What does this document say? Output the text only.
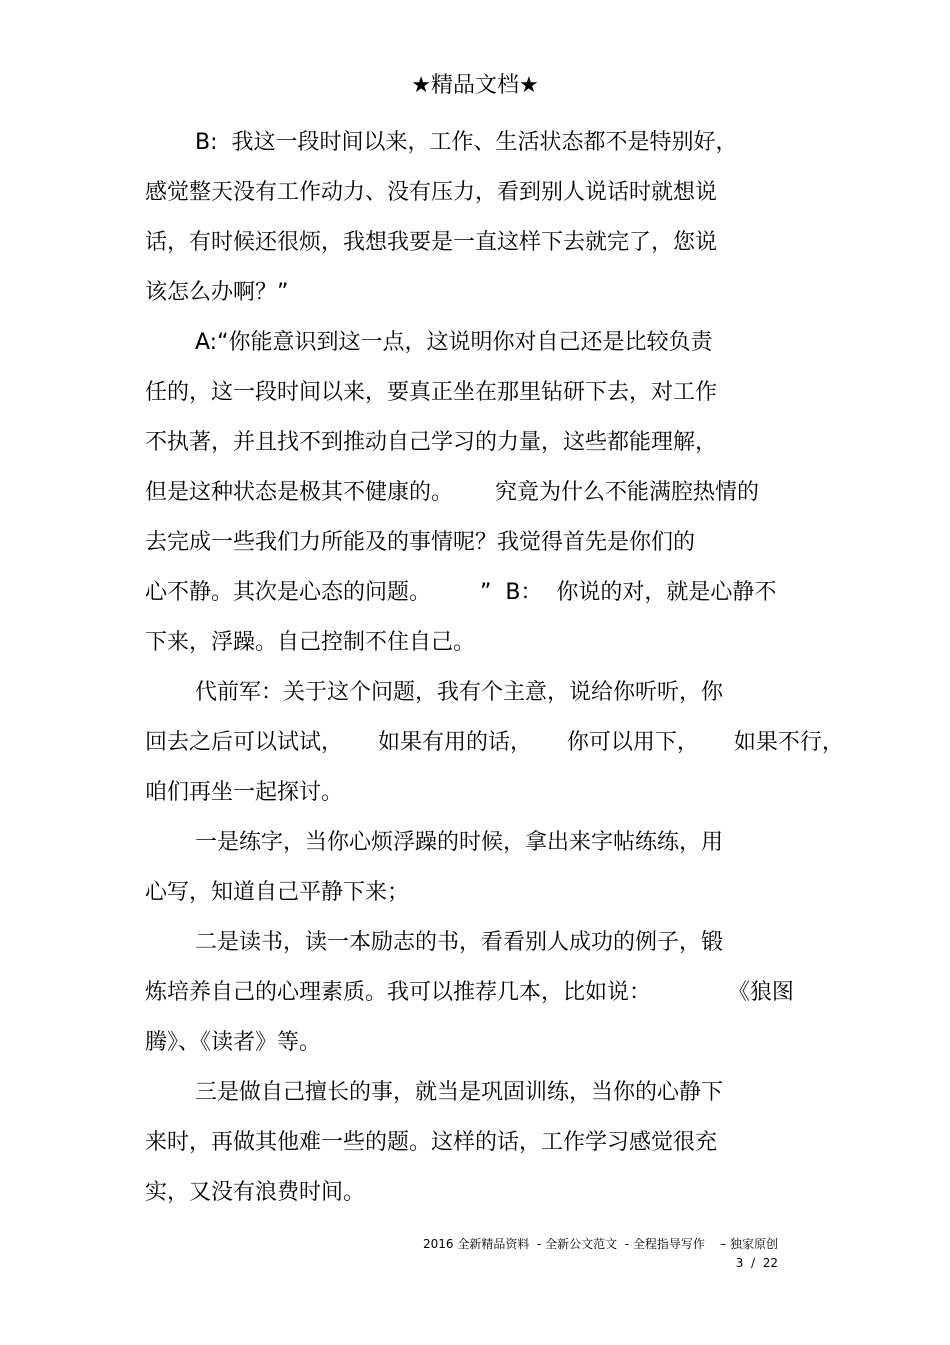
★精品文档★
B:  我这一段时间以来，工作、生活状态都不是特别好，
感觉整天没有工作动力、没有压力，看到别人说话时就想说
话，有时候还很烦，我想我要是一直这样下去就完了，您说
该怎么办啊？”
A:“你能意识到这一点，这说明你对自己还是比较负责
任的，这一段时间以来，要真正坐在那里钻研下去，对工作
不执著，并且找不到推动自己学习的力量，这些都能理解，
但是这种状态是极其不健康的。      究竟为什么不能满腔热情的
去完成一些我们力所能及的事情呢？我觉得首先是你们的
心不静。其次是心态的问题。       ”  B：  你说的对，就是心静不
下来，浮躁。自己控制不住自己。
代前军：关于这个问题，我有个主意，说给你听听，你
回去之后可以试试，     如果有用的话，     你可以用下，     如果不行，
咱们再坐一起探讨。
一是练字，当你心烦浮躁的时候，拿出来字帖练练，用
心写，知道自己平静下来；
二是读书，读一本励志的书，看看别人成功的例子，锻
炼培养自己的心理素质。我可以推荐几本，比如说：           《狼图
腾》、《读者》等。
三是做自己擅长的事，就当是巩固训练，当你的心静下
来时，再做其他难一些的题。这样的话，工作学习感觉很充
实，又没有浪费时间。
2016 全新精品资料  - 全新公文范文  - 全程指导写作    – 独家原创
3  /  22
